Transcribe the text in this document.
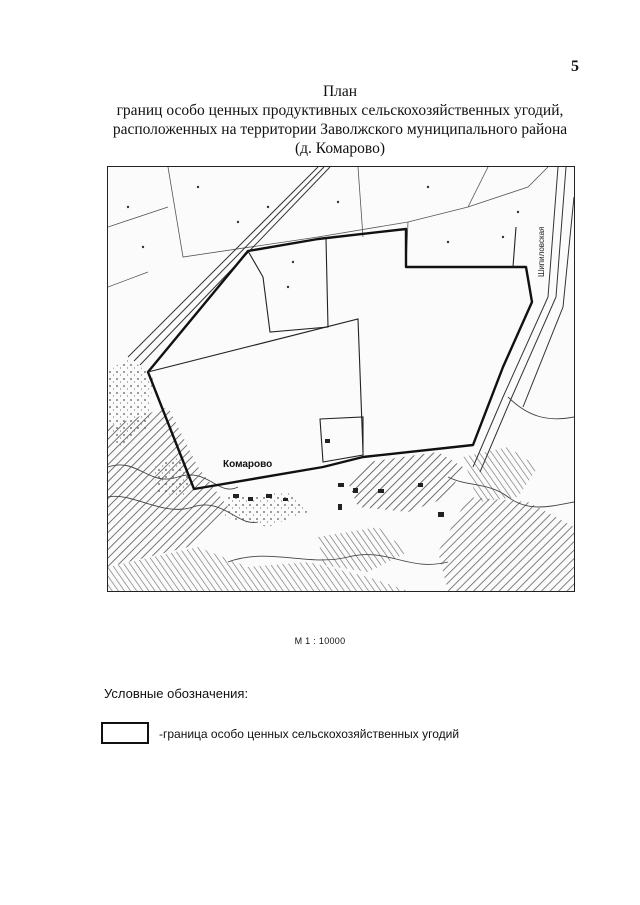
5
План
границ особо ценных продуктивных сельскохозяйственных угодий,
расположенных на территории Заволжского муниципального района
(д. Комарово)
Комарово
Шипиловская
М 1 : 10000
Условные обозначения:
-граница особо ценных сельскохозяйственных угодий
